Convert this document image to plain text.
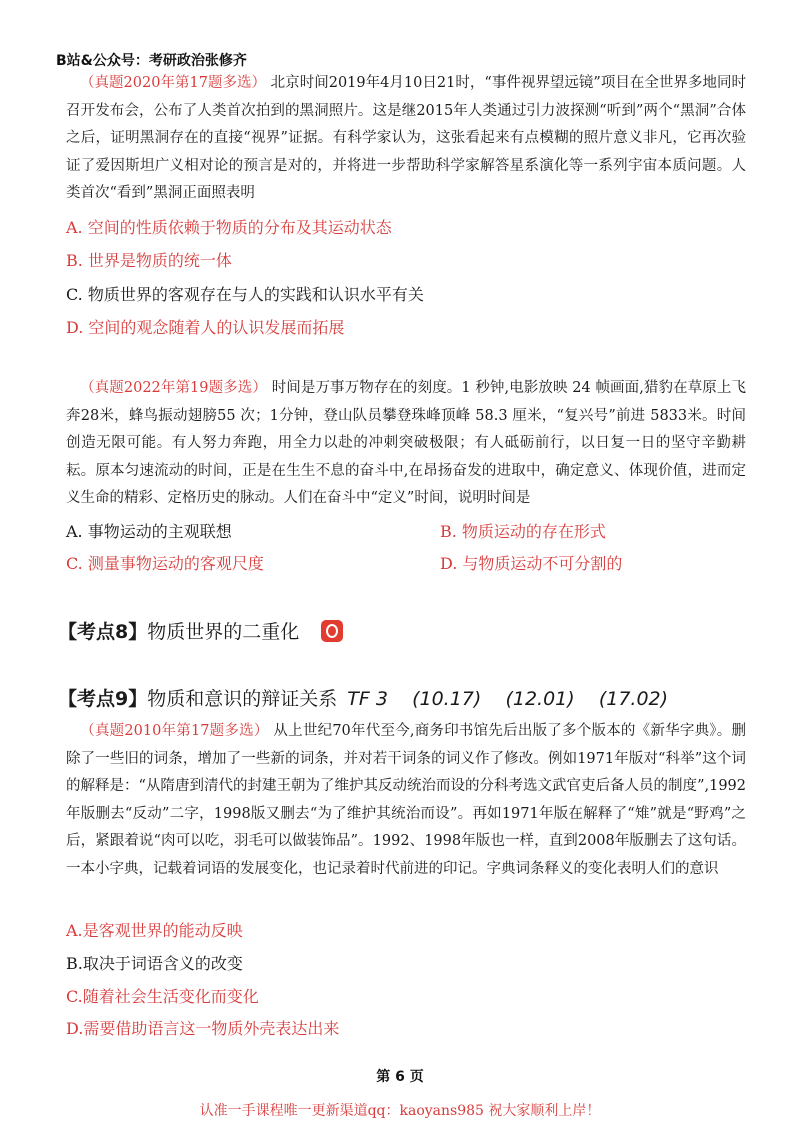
B站&公众号：考研政治张修齐
（真题2020年第17题多选） 北京时间2019年4月10日21时，“事件视界望远镜”项目在全世界多地同时召开发布会，公布了人类首次拍到的黑洞照片。这是继2015年人类通过引力波探测“听到”两个“黑洞”合体之后，证明黑洞存在的直接“视界”证据。有科学家认为，这张看起来有点模糊的照片意义非凡，它再次验证了爱因斯坦广义相对论的预言是对的，并将进一步帮助科学家解答星系演化等一系列宇宙本质问题。人类首次“看到”黑洞正面照表明
A. 空间的性质依赖于物质的分布及其运动状态
B. 世界是物质的统一体
C. 物质世界的客观存在与人的实践和认识水平有关
D. 空间的观念随着人的认识发展而拓展
（真题2022年第19题多选） 时间是万事万物存在的刻度。1 秒钟,电影放映 24 帧画面,猎豹在草原上飞奔28米，蜂鸟振动翅膀55 次；1分钟，登山队员攀登珠峰顶峰 58.3 厘米，“复兴号”前进 5833米。时间创造无限可能。有人努力奔跑，用全力以赴的冲刺突破极限；有人砥砺前行，以日复一日的坚守辛勤耕耘。原本匀速流动的时间，正是在生生不息的奋斗中,在昂扬奋发的进取中，确定意义、体现价值，进而定义生命的精彩、定格历史的脉动。人们在奋斗中“定义”时间，说明时间是
A. 事物运动的主观联想	B. 物质运动的存在形式
C. 测量事物运动的客观尺度	D. 与物质运动不可分割的
【考点8】物质世界的二重化
【考点9】物质和意识的辩证关系 TF 3    (10.17)    (12.01)    (17.02)
（真题2010年第17题多选） 从上世纪70年代至今,商务印书馆先后出版了多个版本的《新华字典》。删除了一些旧的词条，增加了一些新的词条，并对若干词条的词义作了修改。例如1971年版对“科举”这个词的解释是：“从隋唐到清代的封建王朝为了维护其反动统治而设的分科考选文武官吏后备人员的制度”,1992年版删去“反动”二字，1998版又删去“为了维护其统治而设”。再如1971年版在解释了“雉”就是“野鸡”之后，紧跟着说“肉可以吃，羽毛可以做装饰品”。1992、1998年版也一样，直到2008年版删去了这句话。一本小字典，记载着词语的发展变化，也记录着时代前进的印记。字典词条释义的变化表明人们的意识
A.是客观世界的能动反映
B.取决于词语含义的改变
C.随着社会生活变化而变化
D.需要借助语言这一物质外壳表达出来
第 6 页
认准一手课程唯一更新渠道qq：kaoyans985 祝大家顺利上岸！
